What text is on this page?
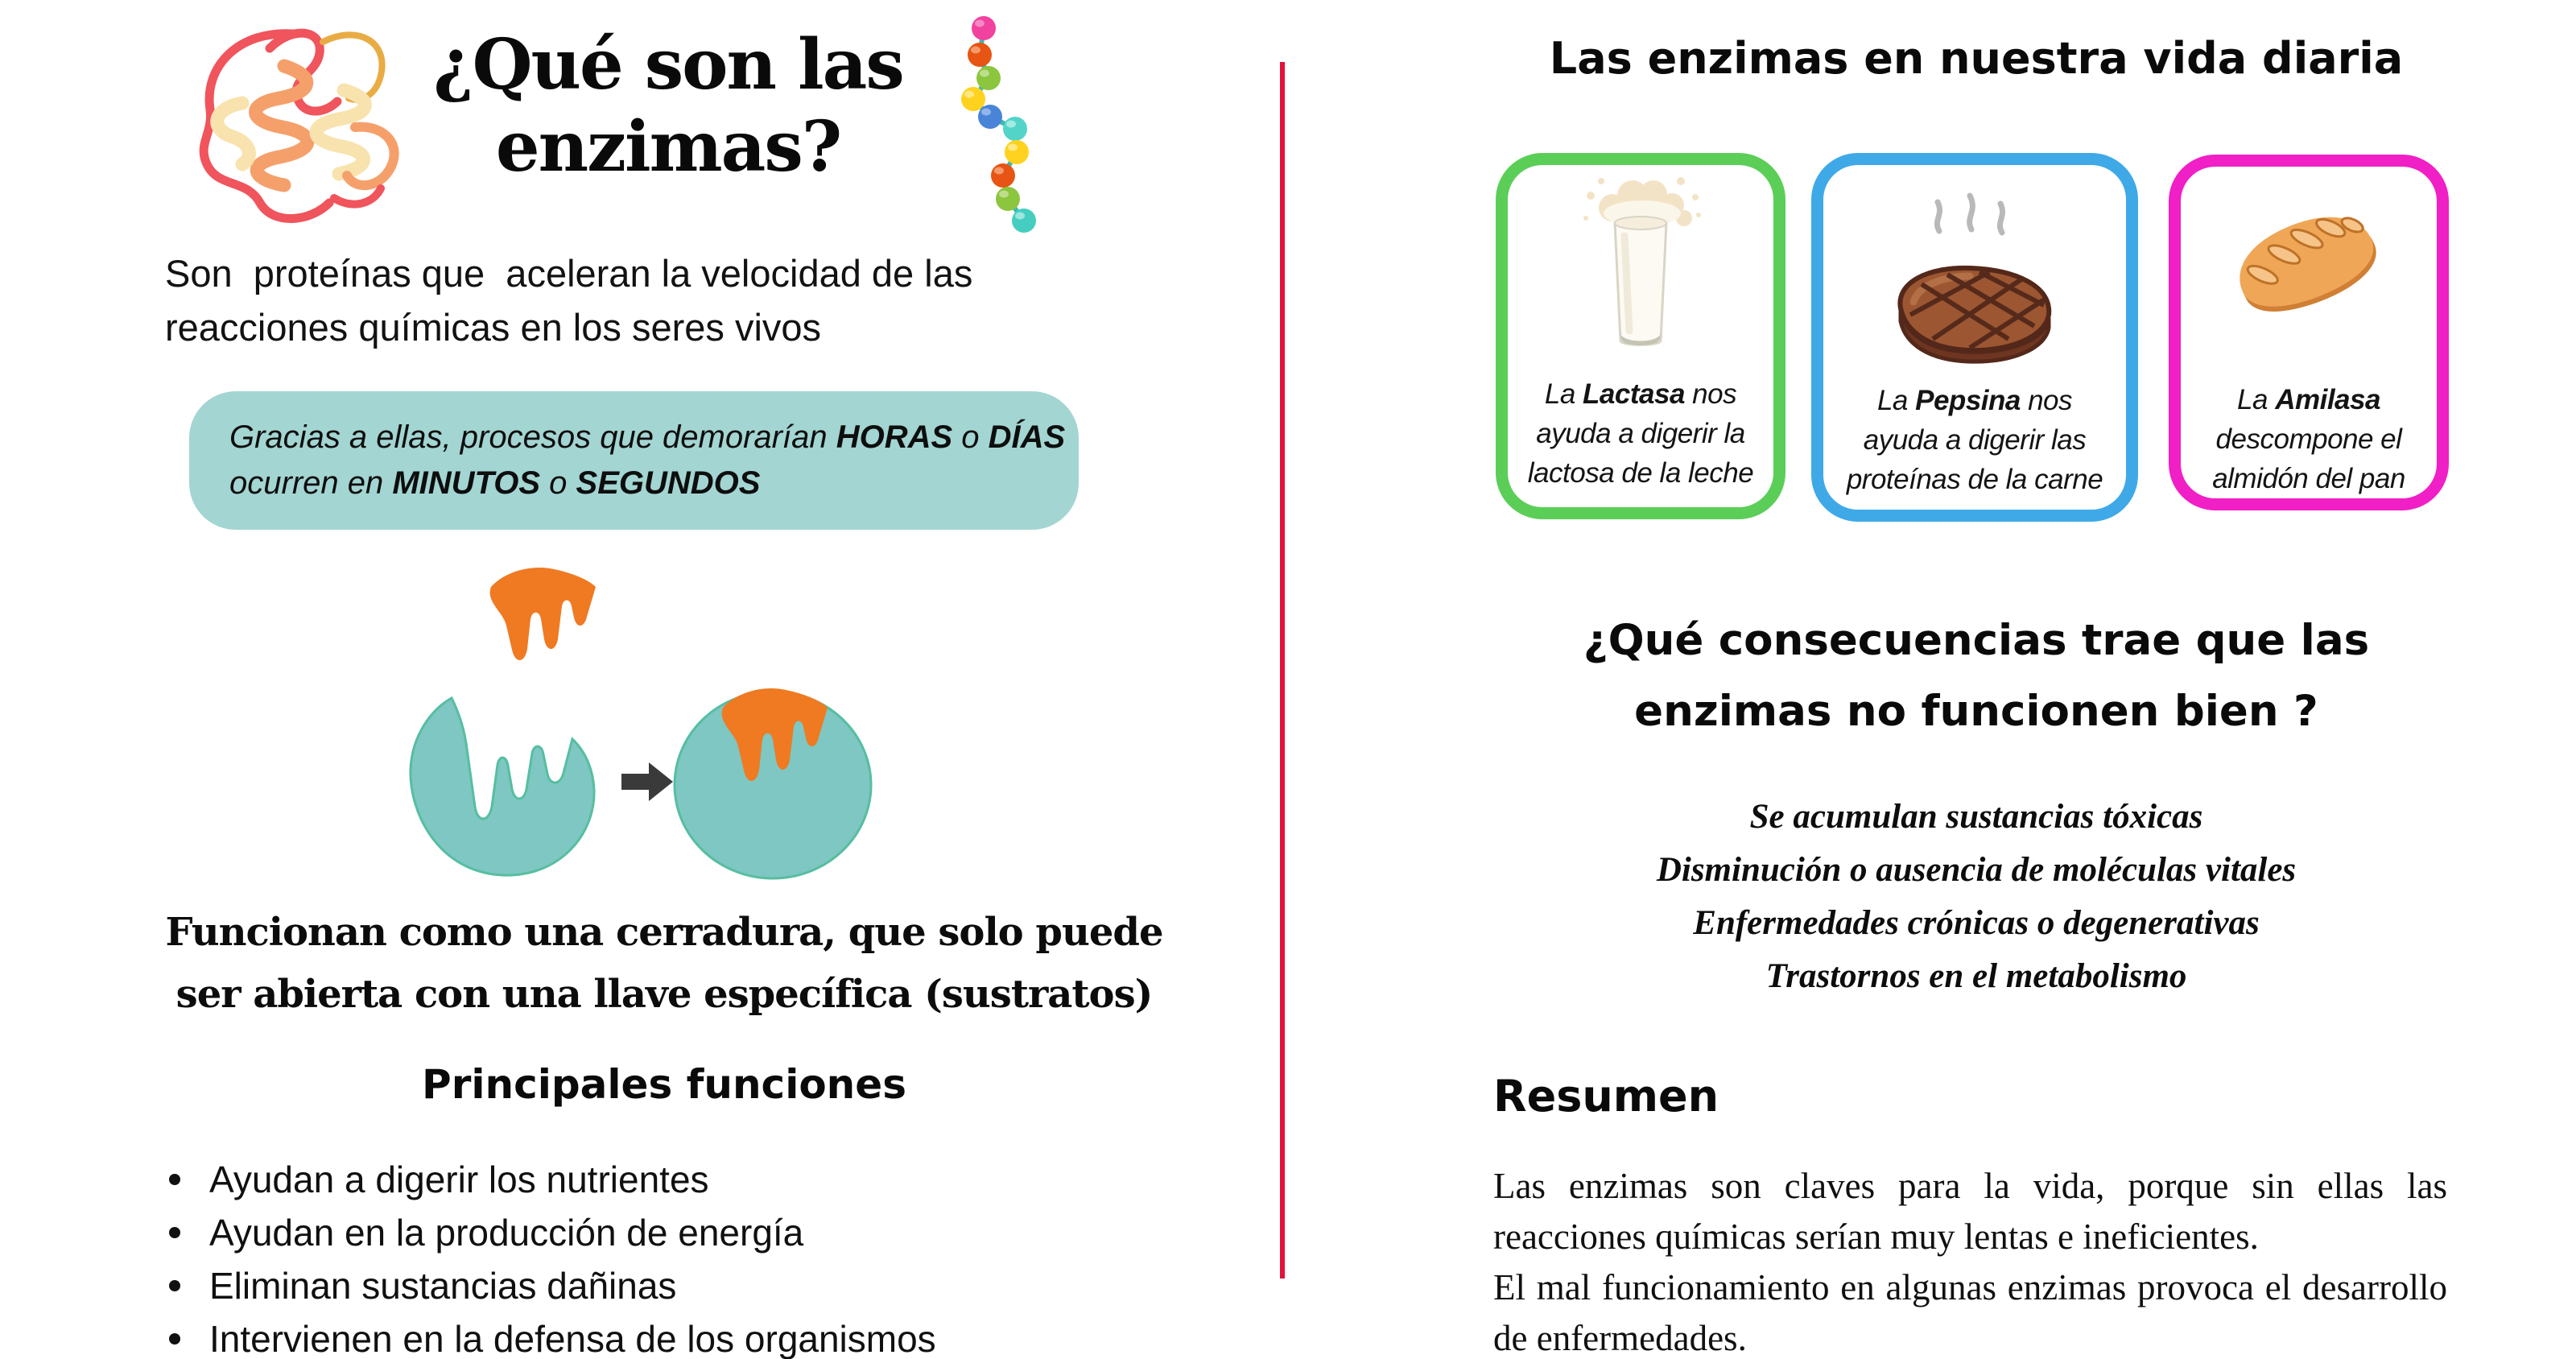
¿Qué son las
enzimas?
Son  proteínas que  aceleran la velocidad de las
reacciones químicas en los seres vivos
Gracias a ellas, procesos que demorarían HORAS o DÍAS
ocurren en MINUTOS o SEGUNDOS
Funcionan como una cerradura, que solo puede
ser abierta con una llave específica (sustratos)
Principales funciones
Ayudan a digerir los nutrientes
Ayudan en la producción de energía
Eliminan sustancias dañinas
Intervienen en la defensa de los organismos
Las enzimas en nuestra vida diaria
La Lactasa nos
ayuda a digerir la
lactosa de la leche
La Pepsina nos
ayuda a digerir las
proteínas de la carne
La Amilasa
descompone el
almidón del pan
¿Qué consecuencias trae que las
enzimas no funcionen bien ?
Se acumulan sustancias tóxicas
Disminución o ausencia de moléculas vitales
Enfermedades crónicas o degenerativas
Trastornos en el metabolismo
Resumen

Las enzimas son claves para la vida, porque sin ellas las reacciones químicas serían muy lentas e ineficientes.

El mal funcionamiento en algunas enzimas provoca el desarrollo de enfermedades.
